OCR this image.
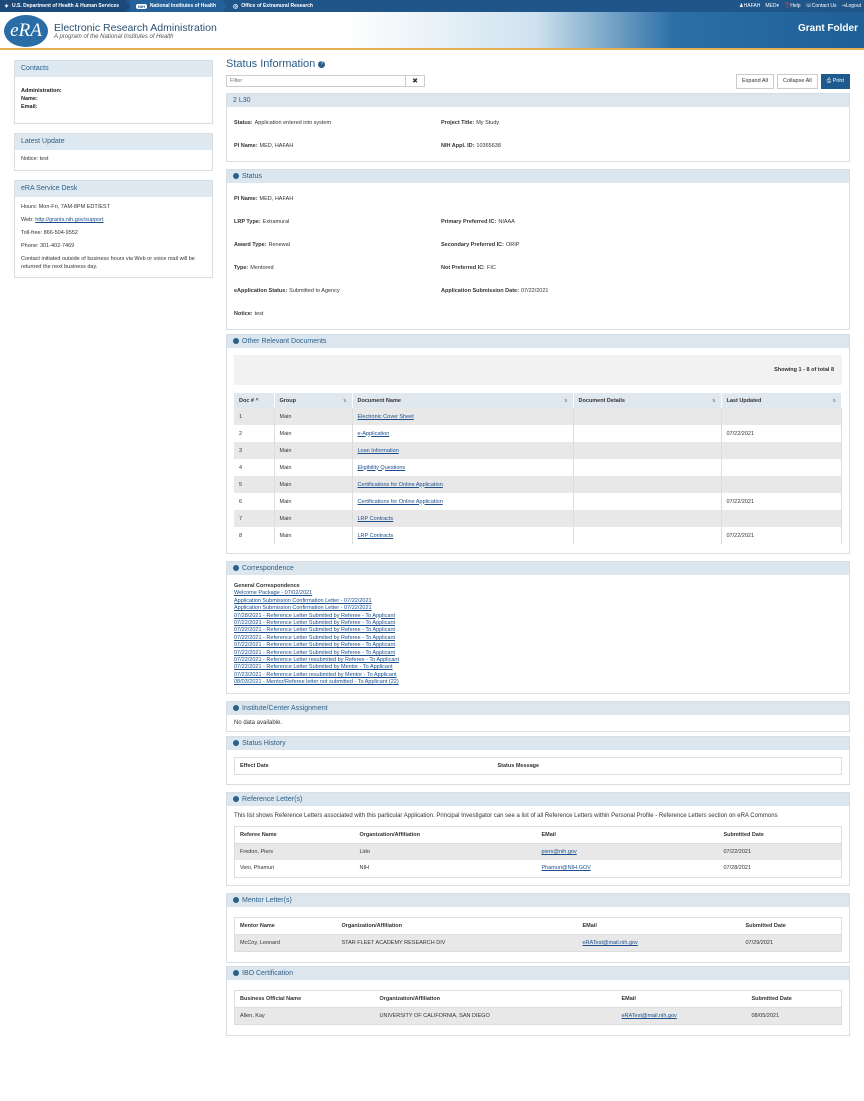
✦ U.S. Department of Health & Human Services	NIH	National Institutes of Health	◎ Office of Extramural Research	♟HAFAH MED▾ ❓Help ☏Contact Us ⇥Logout
eRA	Electronic Research Administration
A program of the National Institutes of Health
Grant Folder
Contacts
Administration:
Name:
Email:
Latest Update
Notice: test
eRA Service Desk
Hours: Mon-Fri, 7AM-8PM EDT/EST
Web: http://grants.nih.gov/support
Toll-free: 866-504-9552
Phone: 301-402-7469
Contact initiated outside of business hours via Web or voice mail will be returned the next business day.
Status Information ?
Filter
✖	Expand All	Collapse All	⎙ Print
2 L30
Status: Application entered into system	Project Title: My Study
PI Name: MED, HAFAH	NIH Appl. ID: 10365638
Status
PI Name: MED, HAFAH
LRP Type: Extramural	Primary Preferred IC: NIAAA
Award Type: Renewal	Secondary Preferred IC: ORIP
Type: Mentored	Not Preferred IC: FIC
eApplication Status: Submitted to Agency	Application Submission Date: 07/22/2021
Notice: test
Other Relevant Documents
Showing 1 - 8 of total 8
Doc # ^	Group ⇅	Document Name ⇅	Document Details ⇅	Last Updated ⇅

1	Main	Electronic Cover Sheet		
2	Main	e-Application		07/22/2021
3	Main	Loan Information		
4	Main	Eligibility Questions		
5	Main	Certifications for Online Application		
6	Main	Certifications for Online Application		07/22/2021
7	Main	LRP Contracts		
8	Main	LRP Contracts		07/22/2021
Correspondence
General Correspondence
Welcome Package - 07/02/2021
Application Submission Confirmation Letter - 07/22/2021
Application Submission Confirmation Letter - 07/22/2021
07/28/2021 - Reference Letter Submited by Referee - To Applicant
07/22/2021 - Reference Letter Submited by Referee - To Applicant
07/22/2021 - Reference Letter Submited by Referee - To Applicant
07/22/2021 - Reference Letter Submited by Referee - To Applicant
07/22/2021 - Reference Letter Submited by Referee - To Applicant
07/22/2021 - Reference Letter Submited by Referee - To Applicant
07/22/2021 - Reference Letter resubmited by Referee - To Applicant
07/22/2021 - Reference Letter Submited by Mentor - To Applicant
07/23/2021 - Reference Letter resubmited by Mentor - To Applicant
08/03/2021 - Mentor/Referee letter not submitted - To Applicant (22)
Institute/Center Assignment
No data available.
Status History
Effect Date	Status Message
Reference Letter(s)
This list shows Reference Letters associated with this particular Application. Principal Investigator can see a list of all Reference Letters within Personal Profile - Reference Letters section on eRA Commons
Referee Name	Organization/Affiliation	EMail	Submitted Date
Fredon, Piers	Lido	piers@nih.gov	07/22/2021
Veni, Phamuri	NIH	Phamuri@NIH.GOV	07/28/2021
Mentor Letter(s)
Mentor Name	Organization/Affiliation	EMail	Submitted Date
McCoy, Leonard	STAR FLEET ACADEMY RESEARCH DIV	eRATest@mail.nih.gov	07/29/2021
IBO Certification
Business Official Name	Organization/Affiliation	EMail	Submitted Date
Allen, Kay	UNIVERSITY OF CALIFORNIA, SAN DIEGO	eRATest@mail.nih.gov	08/05/2021
